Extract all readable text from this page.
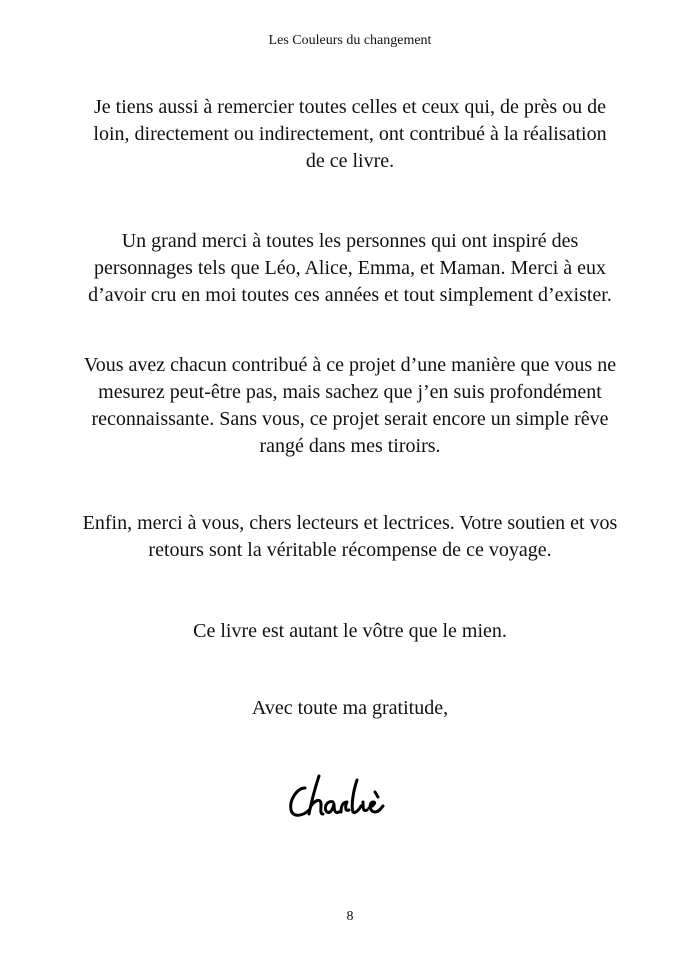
Les Couleurs du changement
Je tiens aussi à remercier toutes celles et ceux qui, de près ou de
loin, directement ou indirectement, ont contribué à la réalisation
de ce livre.
Un grand merci à toutes les personnes qui ont inspiré des
personnages tels que Léo, Alice, Emma, et Maman. Merci à eux
d’avoir cru en moi toutes ces années et tout simplement d’exister.
Vous avez chacun contribué à ce projet d’une manière que vous ne
mesurez peut-être pas, mais sachez que j’en suis profondément
reconnaissante. Sans vous, ce projet serait encore un simple rêve
rangé dans mes tiroirs.
Enfin, merci à vous, chers lecteurs et lectrices. Votre soutien et vos
retours sont la véritable récompense de ce voyage.
Ce livre est autant le vôtre que le mien.
Avec toute ma gratitude,
8
